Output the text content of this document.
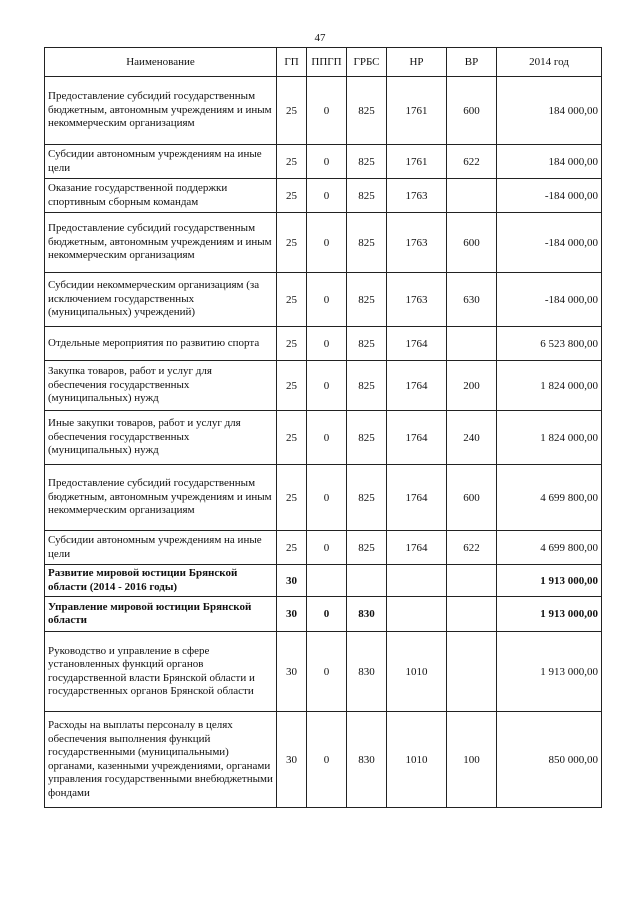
47
Наименование	ГП	ППГП	ГРБС	НР	ВР	2014 год
Предоставление субсидий государственным бюджетным, автономным учреждениям и иным некоммерческим организациям	25	0	825	1761	600	184 000,00
Субсидии автономным учреждениям на иные цели	25	0	825	1761	622	184 000,00
Оказание государственной поддержки спортивным сборным командам	25	0	825	1763		-184 000,00
Предоставление субсидий государственным бюджетным, автономным учреждениям и иным некоммерческим организациям	25	0	825	1763	600	-184 000,00
Субсидии некоммерческим организациям (за исключением государственных (муниципальных) учреждений)	25	0	825	1763	630	-184 000,00
Отдельные мероприятия по развитию спорта	25	0	825	1764		6 523 800,00
Закупка товаров, работ и услуг для обеспечения государственных (муниципальных) нужд	25	0	825	1764	200	1 824 000,00
Иные закупки товаров, работ и услуг для обеспечения государственных (муниципальных) нужд	25	0	825	1764	240	1 824 000,00
Предоставление субсидий государственным бюджетным, автономным учреждениям и иным некоммерческим организациям	25	0	825	1764	600	4 699 800,00
Субсидии автономным учреждениям на иные цели	25	0	825	1764	622	4 699 800,00
Развитие мировой юстиции Брянской области (2014 - 2016 годы)	30					1 913 000,00
Управление мировой юстиции Брянской области	30	0	830			1 913 000,00
Руководство и управление в сфере установленных функций органов государственной власти Брянской области и государственных органов Брянской области	30	0	830	1010		1 913 000,00
Расходы на выплаты персоналу в целях обеспечения выполнения функций государственными (муниципальными) органами, казенными учреждениями, органами управления государственными внебюджетными фондами	30	0	830	1010	100	850 000,00
